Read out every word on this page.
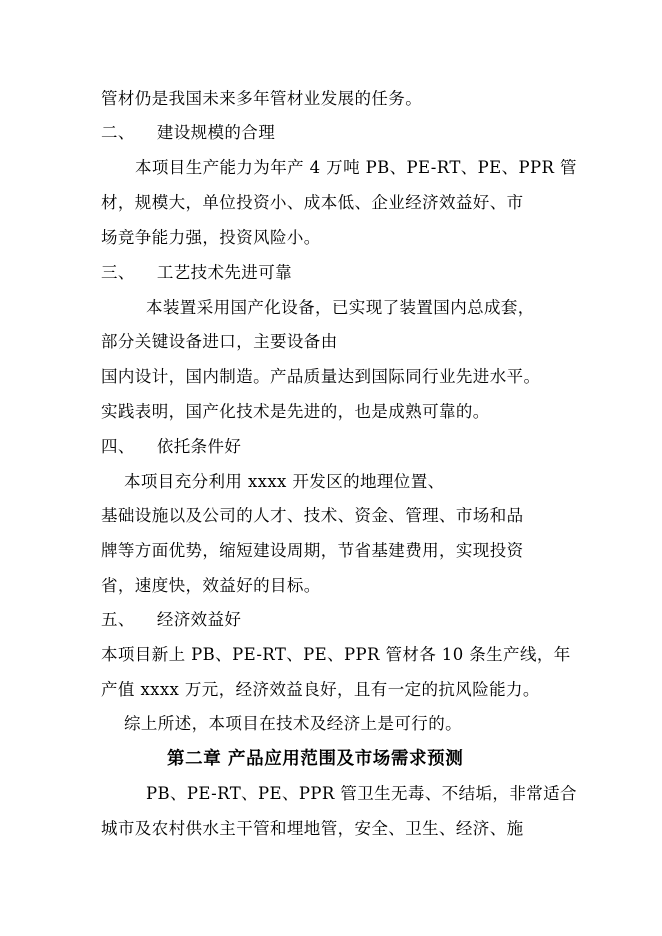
管材仍是我国未来多年管材业发展的任务。
二、 建设规模的合理
本项目生产能力为年产 4 万吨 PB、PE-RT、PE、PPR 管
材，规模大，单位投资小、成本低、企业经济效益好、市
场竞争能力强，投资风险小。
三、 工艺技术先进可靠
本装置采用国产化设备，已实现了装置国内总成套，
部分关键设备进口，主要设备由
国内设计，国内制造。产品质量达到国际同行业先进水平。
实践表明，国产化技术是先进的，也是成熟可靠的。
四、 依托条件好
本项目充分利用 xxxx 开发区的地理位置、
基础设施以及公司的人才、技术、资金、管理、市场和品
牌等方面优势，缩短建设周期，节省基建费用，实现投资
省，速度快，效益好的目标。
五、 经济效益好
本项目新上 PB、PE-RT、PE、PPR 管材各 10 条生产线，年
产值 xxxx 万元，经济效益良好，且有一定的抗风险能力。
综上所述，本项目在技术及经济上是可行的。
第二章 产品应用范围及市场需求预测
PB、PE-RT、PE、PPR 管卫生无毒、不结垢，非常适合
城市及农村供水主干管和埋地管，安全、卫生、经济、施
